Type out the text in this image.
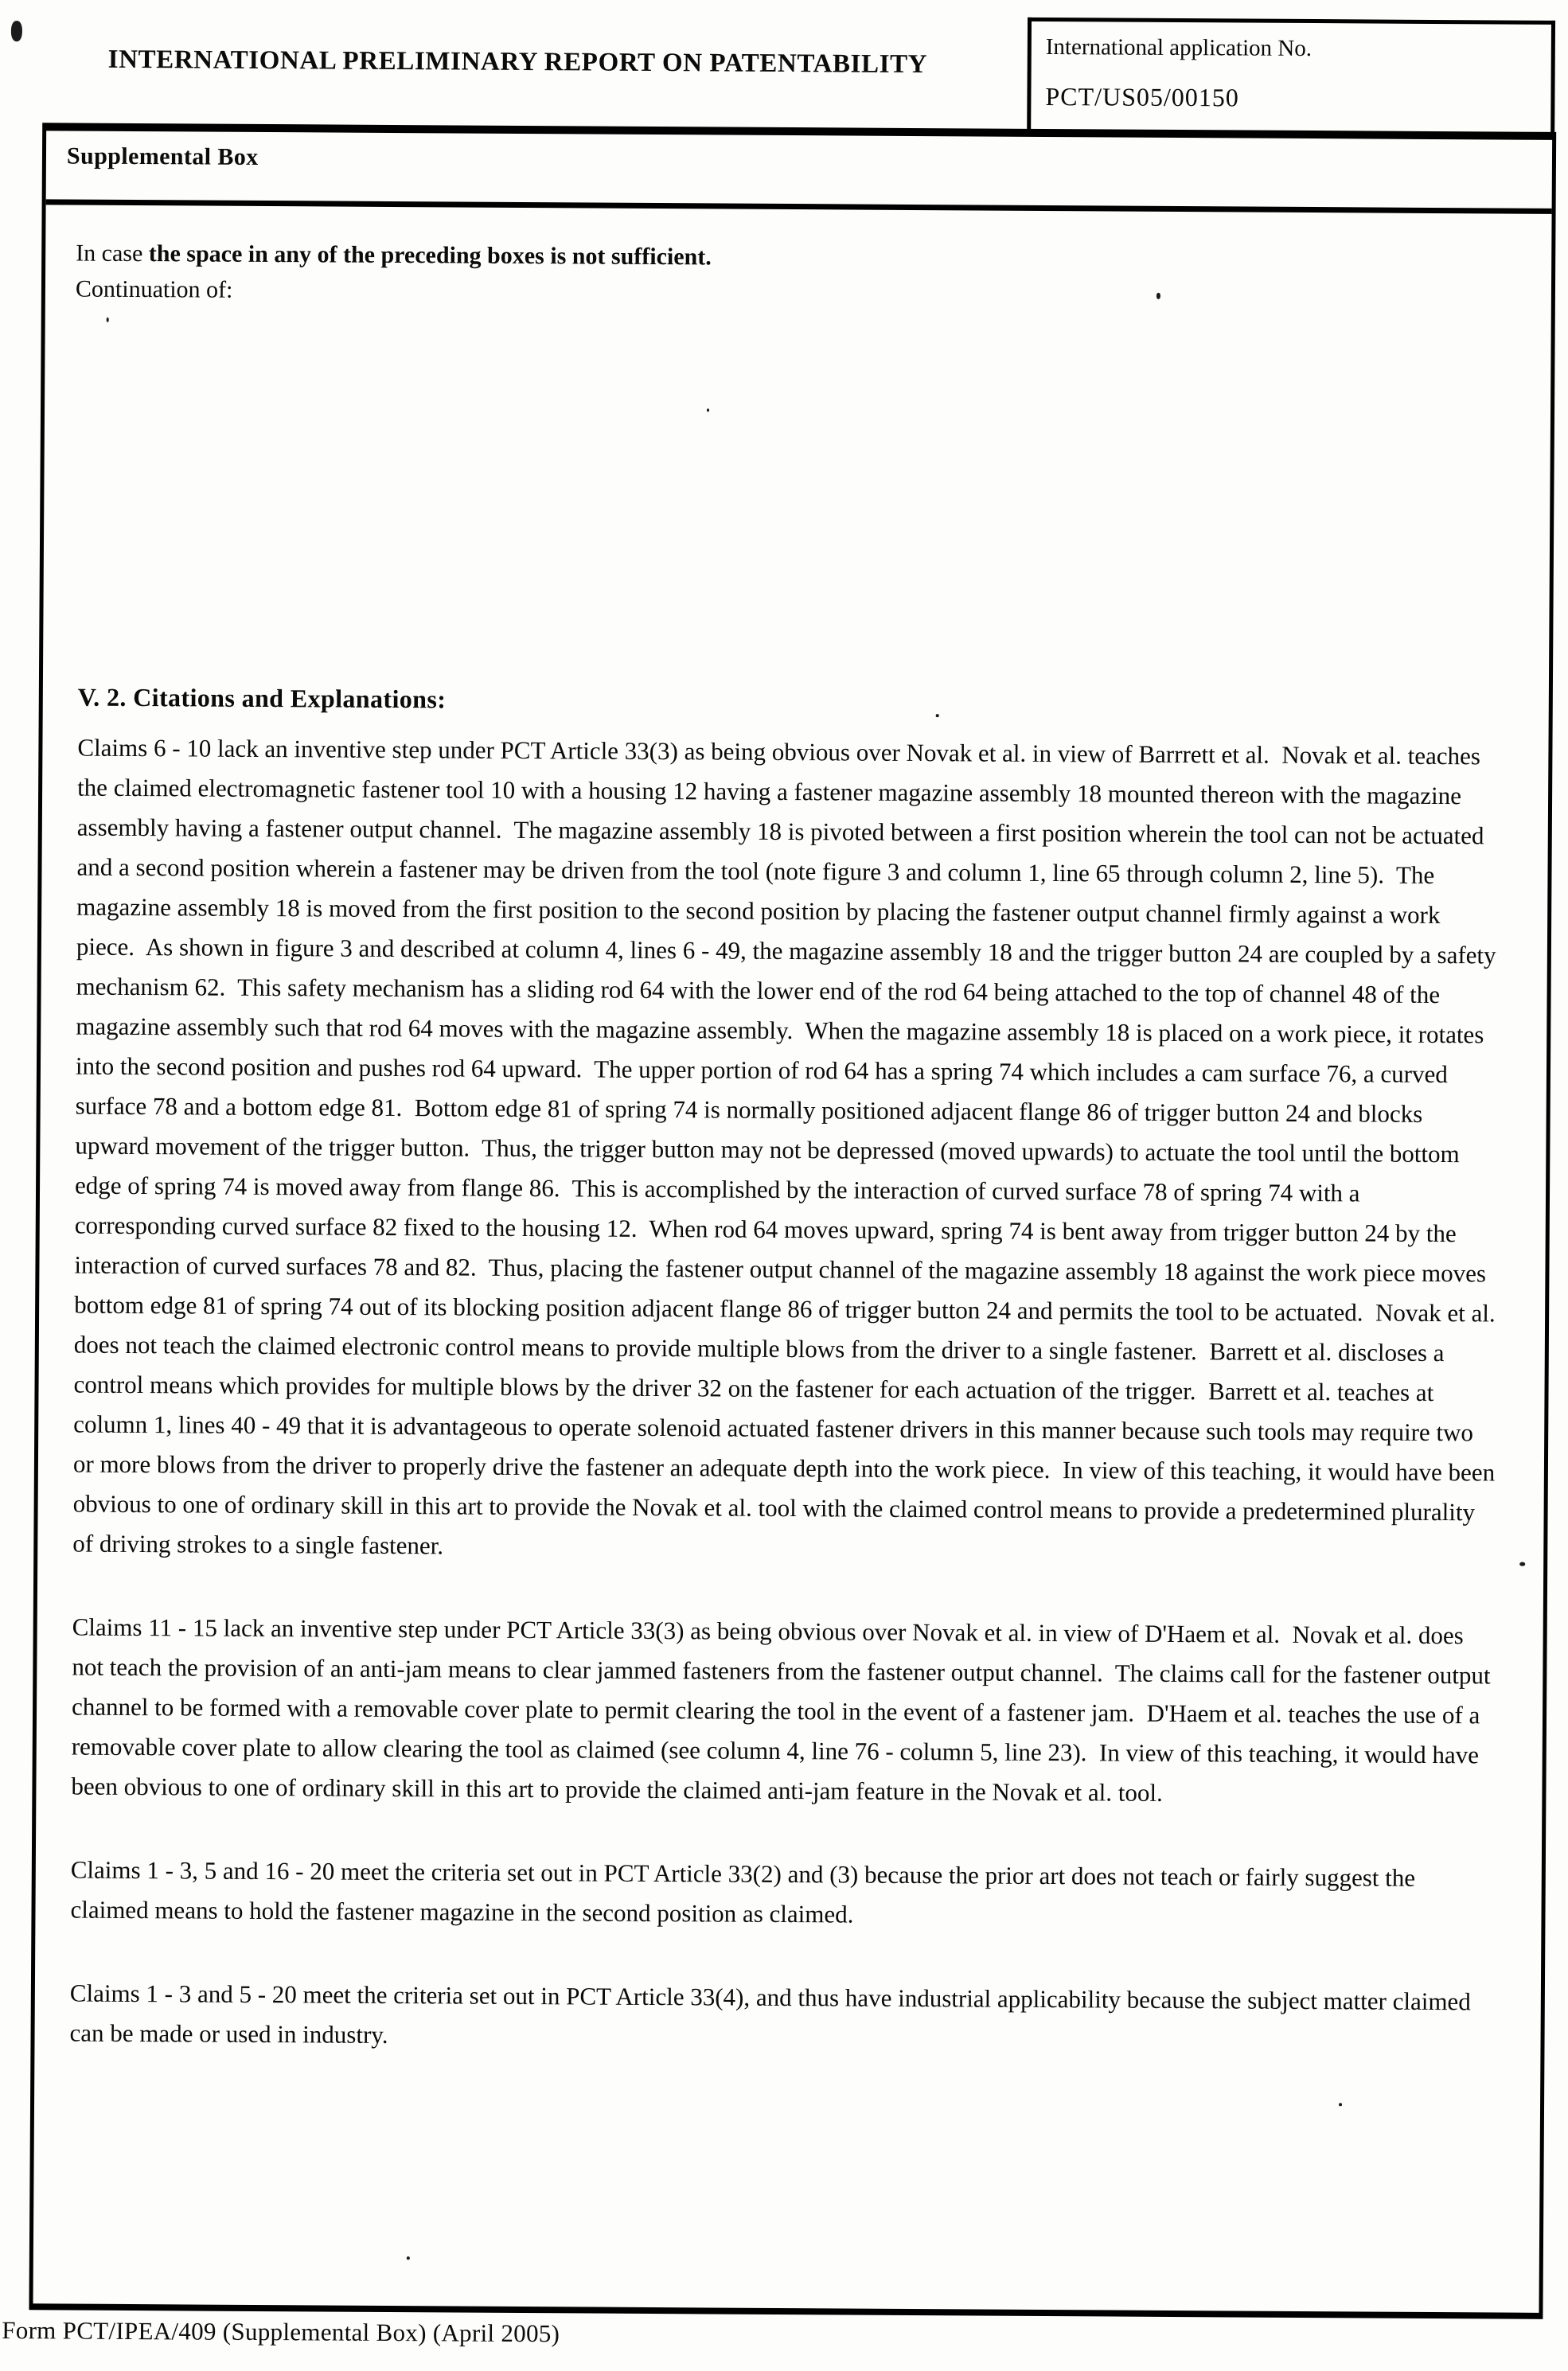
INTERNATIONAL PRELIMINARY REPORT ON PATENTABILITY	International application No.
PCT/US05/00150
Supplemental Box
In case the space in any of the preceding boxes is not sufficient.
Continuation of:
V. 2. Citations and Explanations:

Claims 6 - 10 lack an inventive step under PCT Article 33(3) as being obvious over Novak et al. in view of Barrrett et al.  Novak et al. teaches the claimed electromagnetic fastener tool 10 with a housing 12 having a fastener magazine assembly 18 mounted thereon with the magazine assembly having a fastener output channel.  The magazine assembly 18 is pivoted between a first position wherein the tool can not be actuated and a second position wherein a fastener may be driven from the tool (note figure 3 and column 1, line 65 through column 2, line 5).  The magazine assembly 18 is moved from the first position to the second position by placing the fastener output channel firmly against a work piece.  As shown in figure 3 and described at column 4, lines 6 - 49, the magazine assembly 18 and the trigger button 24 are coupled by a safety mechanism 62.  This safety mechanism has a sliding rod 64 with the lower end of the rod 64 being attached to the top of channel 48 of the magazine assembly such that rod 64 moves with the magazine assembly.  When the magazine assembly 18 is placed on a work piece, it rotates into the second position and pushes rod 64 upward.  The upper portion of rod 64 has a spring 74 which includes a cam surface 76, a curved surface 78 and a bottom edge 81.  Bottom edge 81 of spring 74 is normally positioned adjacent flange 86 of trigger button 24 and blocks upward movement of the trigger button.  Thus, the trigger button may not be depressed (moved upwards) to actuate the tool until the bottom edge of spring 74 is moved away from flange 86.  This is accomplished by the interaction of curved surface 78 of spring 74 with a corresponding curved surface 82 fixed to the housing 12.  When rod 64 moves upward, spring 74 is bent away from trigger button 24 by the interaction of curved surfaces 78 and 82.  Thus, placing the fastener output channel of the magazine assembly 18 against the work piece moves bottom edge 81 of spring 74 out of its blocking position adjacent flange 86 of trigger button 24 and permits the tool to be actuated.  Novak et al. does not teach the claimed electronic control means to provide multiple blows from the driver to a single fastener.  Barrett et al. discloses a control means which provides for multiple blows by the driver 32 on the fastener for each actuation of the trigger.  Barrett et al. teaches at column 1, lines 40 - 49 that it is advantageous to operate solenoid actuated fastener drivers in this manner because such tools may require two or more blows from the driver to properly drive the fastener an adequate depth into the work piece.  In view of this teaching, it would have been obvious to one of ordinary skill in this art to provide the Novak et al. tool with the claimed control means to provide a predetermined plurality of driving strokes to a single fastener.

Claims 11 - 15 lack an inventive step under PCT Article 33(3) as being obvious over Novak et al. in view of D'Haem et al.  Novak et al. does not teach the provision of an anti-jam means to clear jammed fasteners from the fastener output channel.  The claims call for the fastener output channel to be formed with a removable cover plate to permit clearing the tool in the event of a fastener jam.  D'Haem et al. teaches the use of a removable cover plate to allow clearing the tool as claimed (see column 4, line 76 - column 5, line 23).  In view of this teaching, it would have been obvious to one of ordinary skill in this art to provide the claimed anti-jam feature in the Novak et al. tool.

Claims 1 - 3, 5 and 16 - 20 meet the criteria set out in PCT Article 33(2) and (3) because the prior art does not teach or fairly suggest the claimed means to hold the fastener magazine in the second position as claimed.

Claims 1 - 3 and 5 - 20 meet the criteria set out in PCT Article 33(4), and thus have industrial applicability because the subject matter claimed can be made or used in industry.

Form PCT/IPEA/409 (Supplemental Box) (April 2005)
